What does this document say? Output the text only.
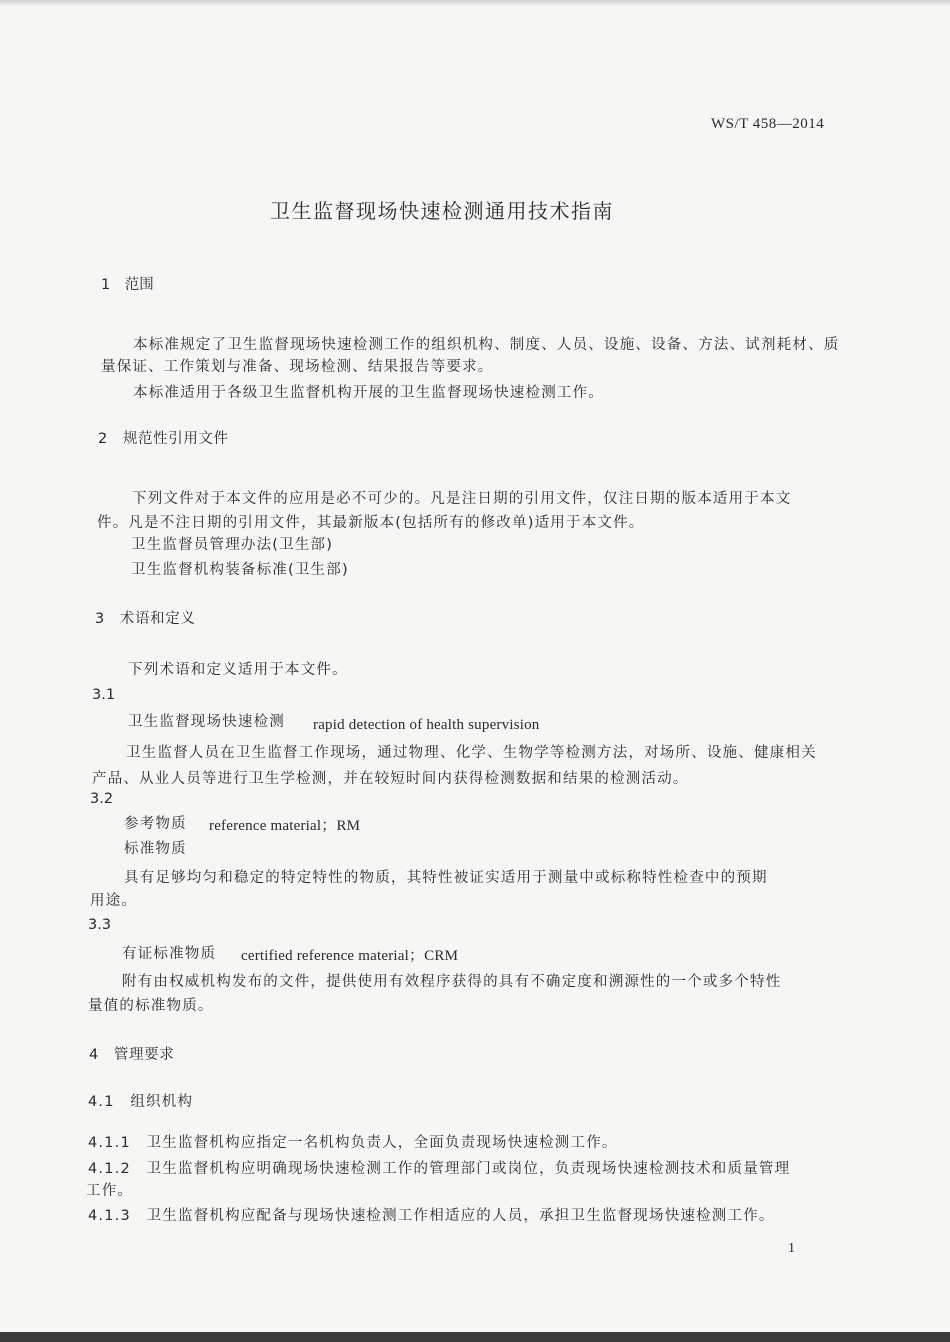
WS/T 458—2014
卫生监督现场快速检测通用技术指南
1　范围
本标准规定了卫生监督现场快速检测工作的组织机构、制度、人员、设施、设备、方法、试剂耗材、质
量保证、工作策划与准备、现场检测、结果报告等要求。
本标准适用于各级卫生监督机构开展的卫生监督现场快速检测工作。
2　规范性引用文件
下列文件对于本文件的应用是必不可少的。凡是注日期的引用文件，仅注日期的版本适用于本文
件。凡是不注日期的引用文件，其最新版本(包括所有的修改单)适用于本文件。
卫生监督员管理办法(卫生部)
卫生监督机构装备标准(卫生部)
3　术语和定义
下列术语和定义适用于本文件。
3.1
卫生监督现场快速检测 rapid detection of health supervision
卫生监督人员在卫生监督工作现场，通过物理、化学、生物学等检测方法，对场所、设施、健康相关
产品、从业人员等进行卫生学检测，并在较短时间内获得检测数据和结果的检测活动。
3.2
参考物质 reference material；RM
标准物质
具有足够均匀和稳定的特定特性的物质，其特性被证实适用于测量中或标称特性检查中的预期
用途。
3.3
有证标准物质 certified reference material；CRM
附有由权威机构发布的文件，提供使用有效程序获得的具有不确定度和溯源性的一个或多个特性
量值的标准物质。
4　管理要求
4.1　组织机构
4.1.1　卫生监督机构应指定一名机构负责人，全面负责现场快速检测工作。
4.1.2　卫生监督机构应明确现场快速检测工作的管理部门或岗位，负责现场快速检测技术和质量管理
工作。
4.1.3　卫生监督机构应配备与现场快速检测工作相适应的人员，承担卫生监督现场快速检测工作。
1
